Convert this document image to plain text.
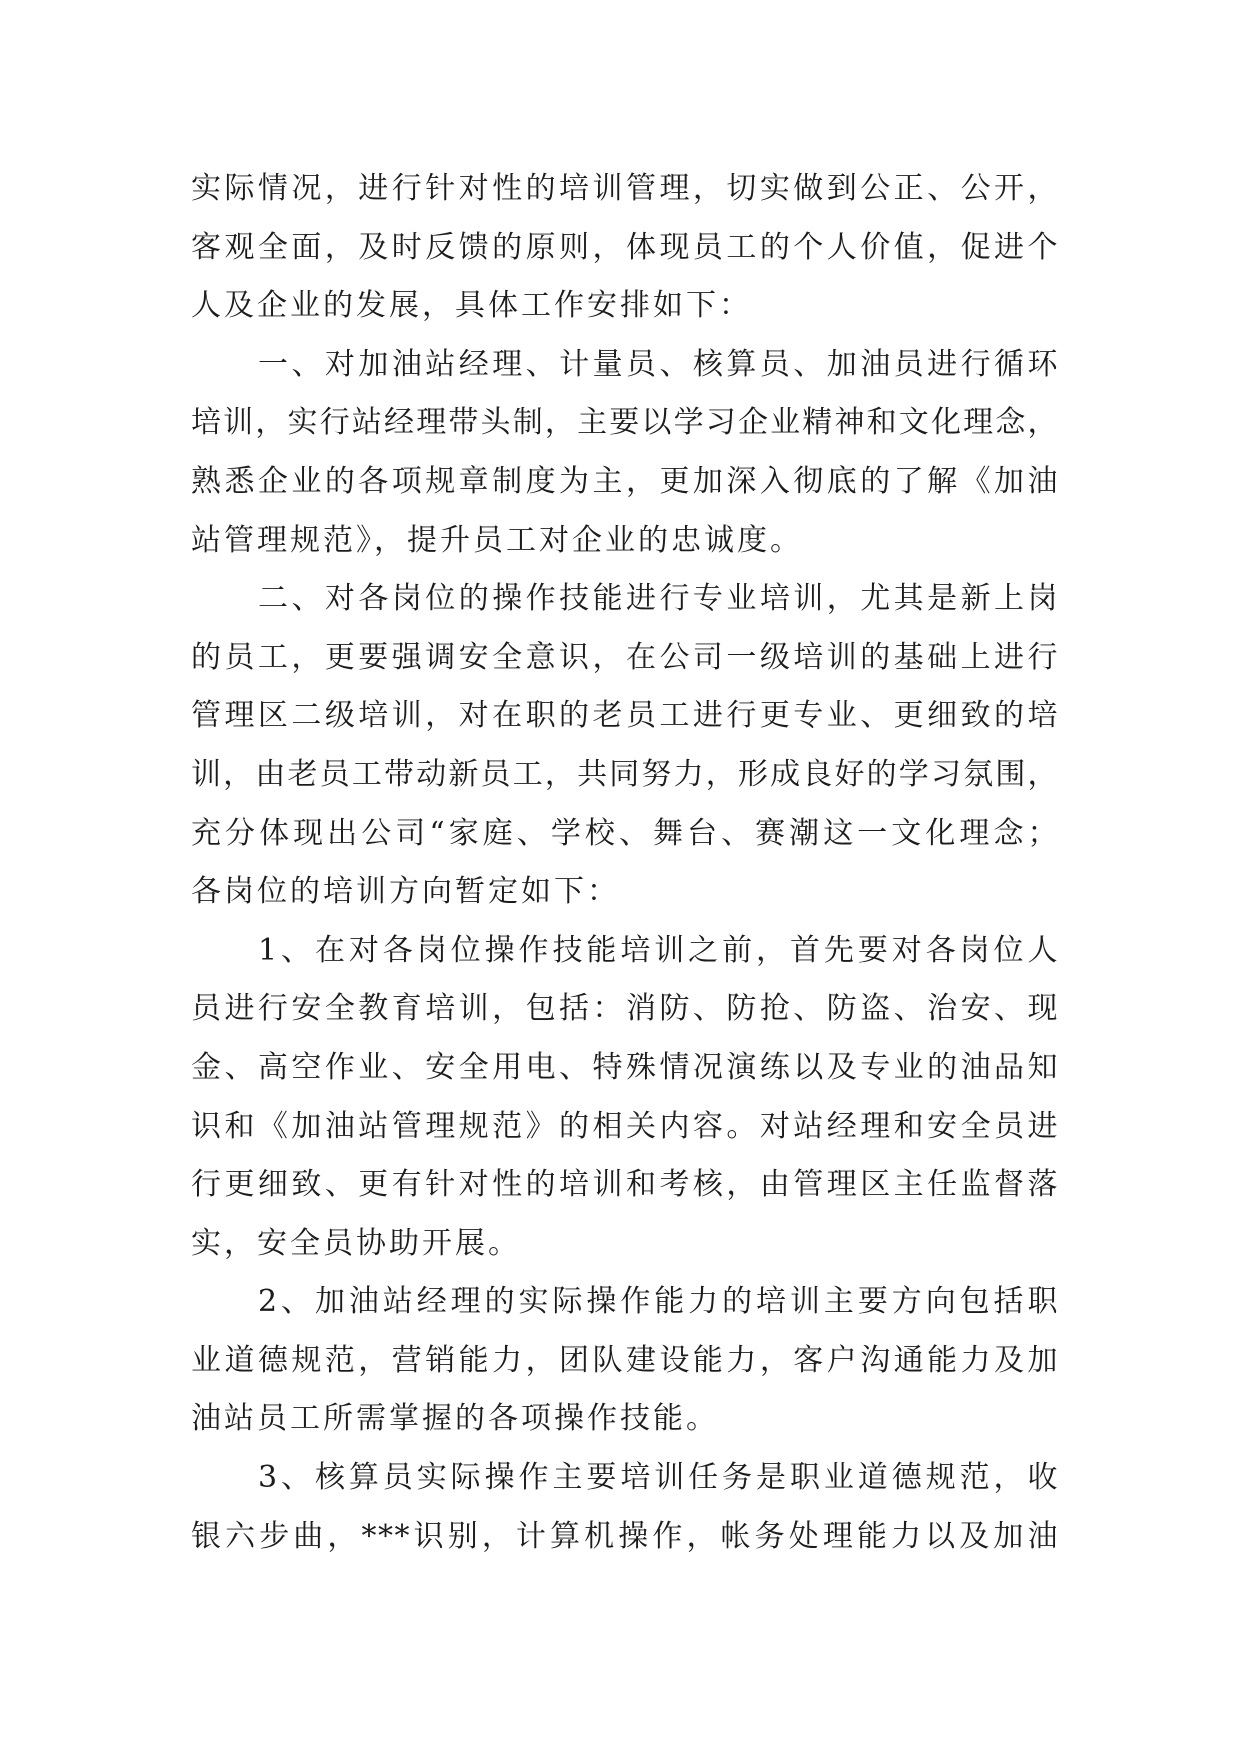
实际情况，进行针对性的培训管理，切实做到公正、公开，
客观全面，及时反馈的原则，体现员工的个人价值，促进个
人及企业的发展，具体工作安排如下：
一、对加油站经理、计量员、核算员、加油员进行循环
培训，实行站经理带头制，主要以学习企业精神和文化理念，
熟悉企业的各项规章制度为主，更加深入彻底的了解《加油
站管理规范》，提升员工对企业的忠诚度。
二、对各岗位的操作技能进行专业培训，尤其是新上岗
的员工，更要强调安全意识，在公司一级培训的基础上进行
管理区二级培训，对在职的老员工进行更专业、更细致的培
训，由老员工带动新员工，共同努力，形成良好的学习氛围，
充分体现出公司“家庭、学校、舞台、赛潮这一文化理念；
各岗位的培训方向暂定如下：
1、在对各岗位操作技能培训之前，首先要对各岗位人
员进行安全教育培训，包括：消防、防抢、防盗、治安、现
金、高空作业、安全用电、特殊情况演练以及专业的油品知
识和《加油站管理规范》的相关内容。对站经理和安全员进
行更细致、更有针对性的培训和考核，由管理区主任监督落
实，安全员协助开展。
2、加油站经理的实际操作能力的培训主要方向包括职
业道德规范，营销能力，团队建设能力，客户沟通能力及加
油站员工所需掌握的各项操作技能。
3、核算员实际操作主要培训任务是职业道德规范，收
银六步曲，***识别，计算机操作，帐务处理能力以及加油
